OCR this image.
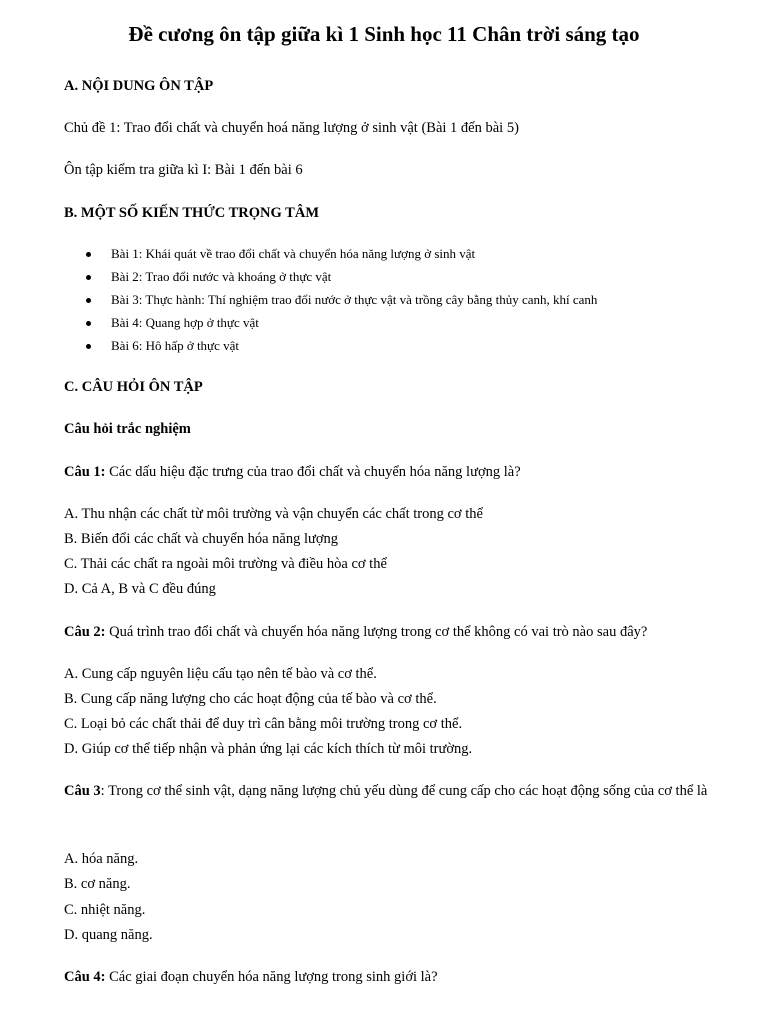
Đề cương ôn tập giữa kì 1 Sinh học 11 Chân trời sáng tạo
A. NỘI DUNG ÔN TẬP
Chủ đề 1: Trao đổi chất và chuyển hoá năng lượng ở sinh vật (Bài 1 đến bài 5)
Ôn tập kiểm tra giữa kì I: Bài 1 đến bài 6
B. MỘT SỐ KIẾN THỨC TRỌNG TÂM
Bài 1: Khái quát về trao đổi chất và chuyển hóa năng lượng ở sinh vật
Bài 2: Trao đổi nước và khoáng ở thực vật
Bài 3: Thực hành: Thí nghiệm trao đổi nước ở thực vật và trồng cây bằng thủy canh, khí canh
Bài 4: Quang hợp ở thực vật
Bài 6: Hô hấp ở thực vật
C. CÂU HỎI ÔN TẬP
Câu hỏi trắc nghiệm
Câu 1: Các dấu hiệu đặc trưng của trao đổi chất và chuyển hóa năng lượng là?
A. Thu nhận các chất từ môi trường và vận chuyển các chất trong cơ thể
B. Biến đổi các chất và chuyển hóa năng lượng
C. Thải các chất ra ngoài môi trường và điều hòa cơ thể
D. Cả A, B và C đều đúng
Câu 2: Quá trình trao đổi chất và chuyển hóa năng lượng trong cơ thể không có vai trò nào sau đây?
A. Cung cấp nguyên liệu cấu tạo nên tế bào và cơ thể.
B. Cung cấp năng lượng cho các hoạt động của tế bào và cơ thể.
C. Loại bỏ các chất thải để duy trì cân bằng môi trường trong cơ thể.
D. Giúp cơ thể tiếp nhận và phản ứng lại các kích thích từ môi trường.
Câu 3: Trong cơ thể sinh vật, dạng năng lượng chủ yếu dùng để cung cấp cho các hoạt động sống của cơ thể là
A. hóa năng.
B. cơ năng.
C. nhiệt năng.
D. quang năng.
Câu 4: Các giai đoạn chuyển hóa năng lượng trong sinh giới là?
